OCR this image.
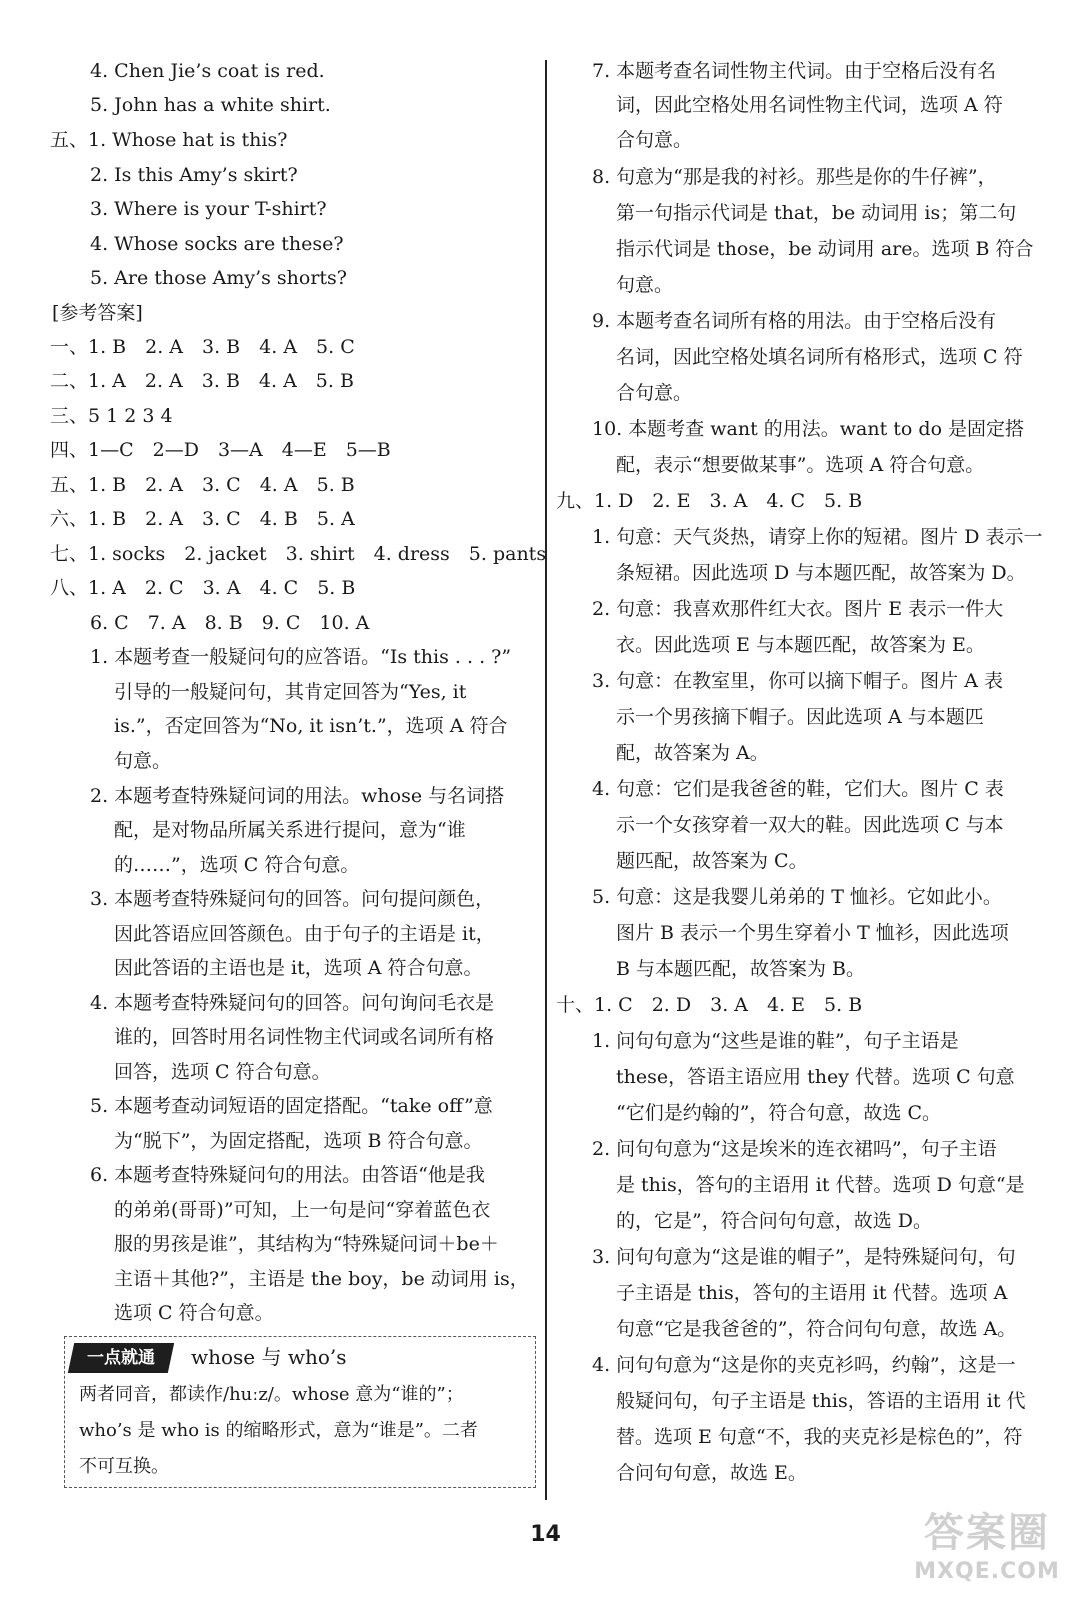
4. Chen Jie’s coat is red.
5. John has a white shirt.
五、1. Whose hat is this?
2. Is this Amy’s skirt?
3. Where is your T-shirt?
4. Whose socks are these?
5. Are those Amy’s shorts?
[参考答案]
一、1. B　2. A　3. B　4. A　5. C
二、1. A　2. A　3. B　4. A　5. B
三、5 1 2 3 4
四、1—C　2—D　3—A　4—E　5—B
五、1. B　2. A　3. C　4. A　5. B
六、1. B　2. A　3. C　4. B　5. A
七、1. socks　2. jacket　3. shirt　4. dress　5. pants
八、1. A　2. C　3. A　4. C　5. B
6. C　7. A　8. B　9. C　10. A
1. 本题考查一般疑问句的应答语。“Is this . . . ?”
引导的一般疑问句，其肯定回答为“Yes, it
is.”，否定回答为“No, it isn’t.”，选项 A 符合
句意。
2. 本题考查特殊疑问词的用法。whose 与名词搭
配，是对物品所属关系进行提问，意为“谁
的……”，选项 C 符合句意。
3. 本题考查特殊疑问句的回答。问句提问颜色，
因此答语应回答颜色。由于句子的主语是 it，
因此答语的主语也是 it，选项 A 符合句意。
4. 本题考查特殊疑问句的回答。问句询问毛衣是
谁的，回答时用名词性物主代词或名词所有格
回答，选项 C 符合句意。
5. 本题考查动词短语的固定搭配。“take off”意
为“脱下”，为固定搭配，选项 B 符合句意。
6. 本题考查特殊疑问句的用法。由答语“他是我
的弟弟(哥哥)”可知，上一句是问“穿着蓝色衣
服的男孩是谁”，其结构为“特殊疑问词＋be＋
主语＋其他?”，主语是 the boy，be 动词用 is，
选项 C 符合句意。
一点就通	whose 与 who’s
两者同音，都读作/huːz/。whose 意为“谁的”；
who’s 是 who is 的缩略形式，意为“谁是”。二者
不可互换。
7. 本题考查名词性物主代词。由于空格后没有名
词，因此空格处用名词性物主代词，选项 A 符
合句意。
8. 句意为“那是我的衬衫。那些是你的牛仔裤”，
第一句指示代词是 that，be 动词用 is；第二句
指示代词是 those，be 动词用 are。选项 B 符合
句意。
9. 本题考查名词所有格的用法。由于空格后没有
名词，因此空格处填名词所有格形式，选项 C 符
合句意。
10. 本题考查 want 的用法。want to do 是固定搭
配，表示“想要做某事”。选项 A 符合句意。
九、1. D　2. E　3. A　4. C　5. B
1. 句意：天气炎热，请穿上你的短裙。图片 D 表示一
条短裙。因此选项 D 与本题匹配，故答案为 D。
2. 句意：我喜欢那件红大衣。图片 E 表示一件大
衣。因此选项 E 与本题匹配，故答案为 E。
3. 句意：在教室里，你可以摘下帽子。图片 A 表
示一个男孩摘下帽子。因此选项 A 与本题匹
配，故答案为 A。
4. 句意：它们是我爸爸的鞋，它们大。图片 C 表
示一个女孩穿着一双大的鞋。因此选项 C 与本
题匹配，故答案为 C。
5. 句意：这是我婴儿弟弟的 T 恤衫。它如此小。
图片 B 表示一个男生穿着小 T 恤衫，因此选项
B 与本题匹配，故答案为 B。
十、1. C　2. D　3. A　4. E　5. B
1. 问句句意为“这些是谁的鞋”，句子主语是
these，答语主语应用 they 代替。选项 C 句意
“它们是约翰的”，符合句意，故选 C。
2. 问句句意为“这是埃米的连衣裙吗”，句子主语
是 this，答句的主语用 it 代替。选项 D 句意“是
的，它是”，符合问句句意，故选 D。
3. 问句句意为“这是谁的帽子”，是特殊疑问句，句
子主语是 this，答句的主语用 it 代替。选项 A
句意“它是我爸爸的”，符合问句句意，故选 A。
4. 问句句意为“这是你的夹克衫吗，约翰”，这是一
般疑问句，句子主语是 this，答语的主语用 it 代
替。选项 E 句意“不，我的夹克衫是棕色的”，符
合问句句意，故选 E。
14	答案圈
MXQE.COM
